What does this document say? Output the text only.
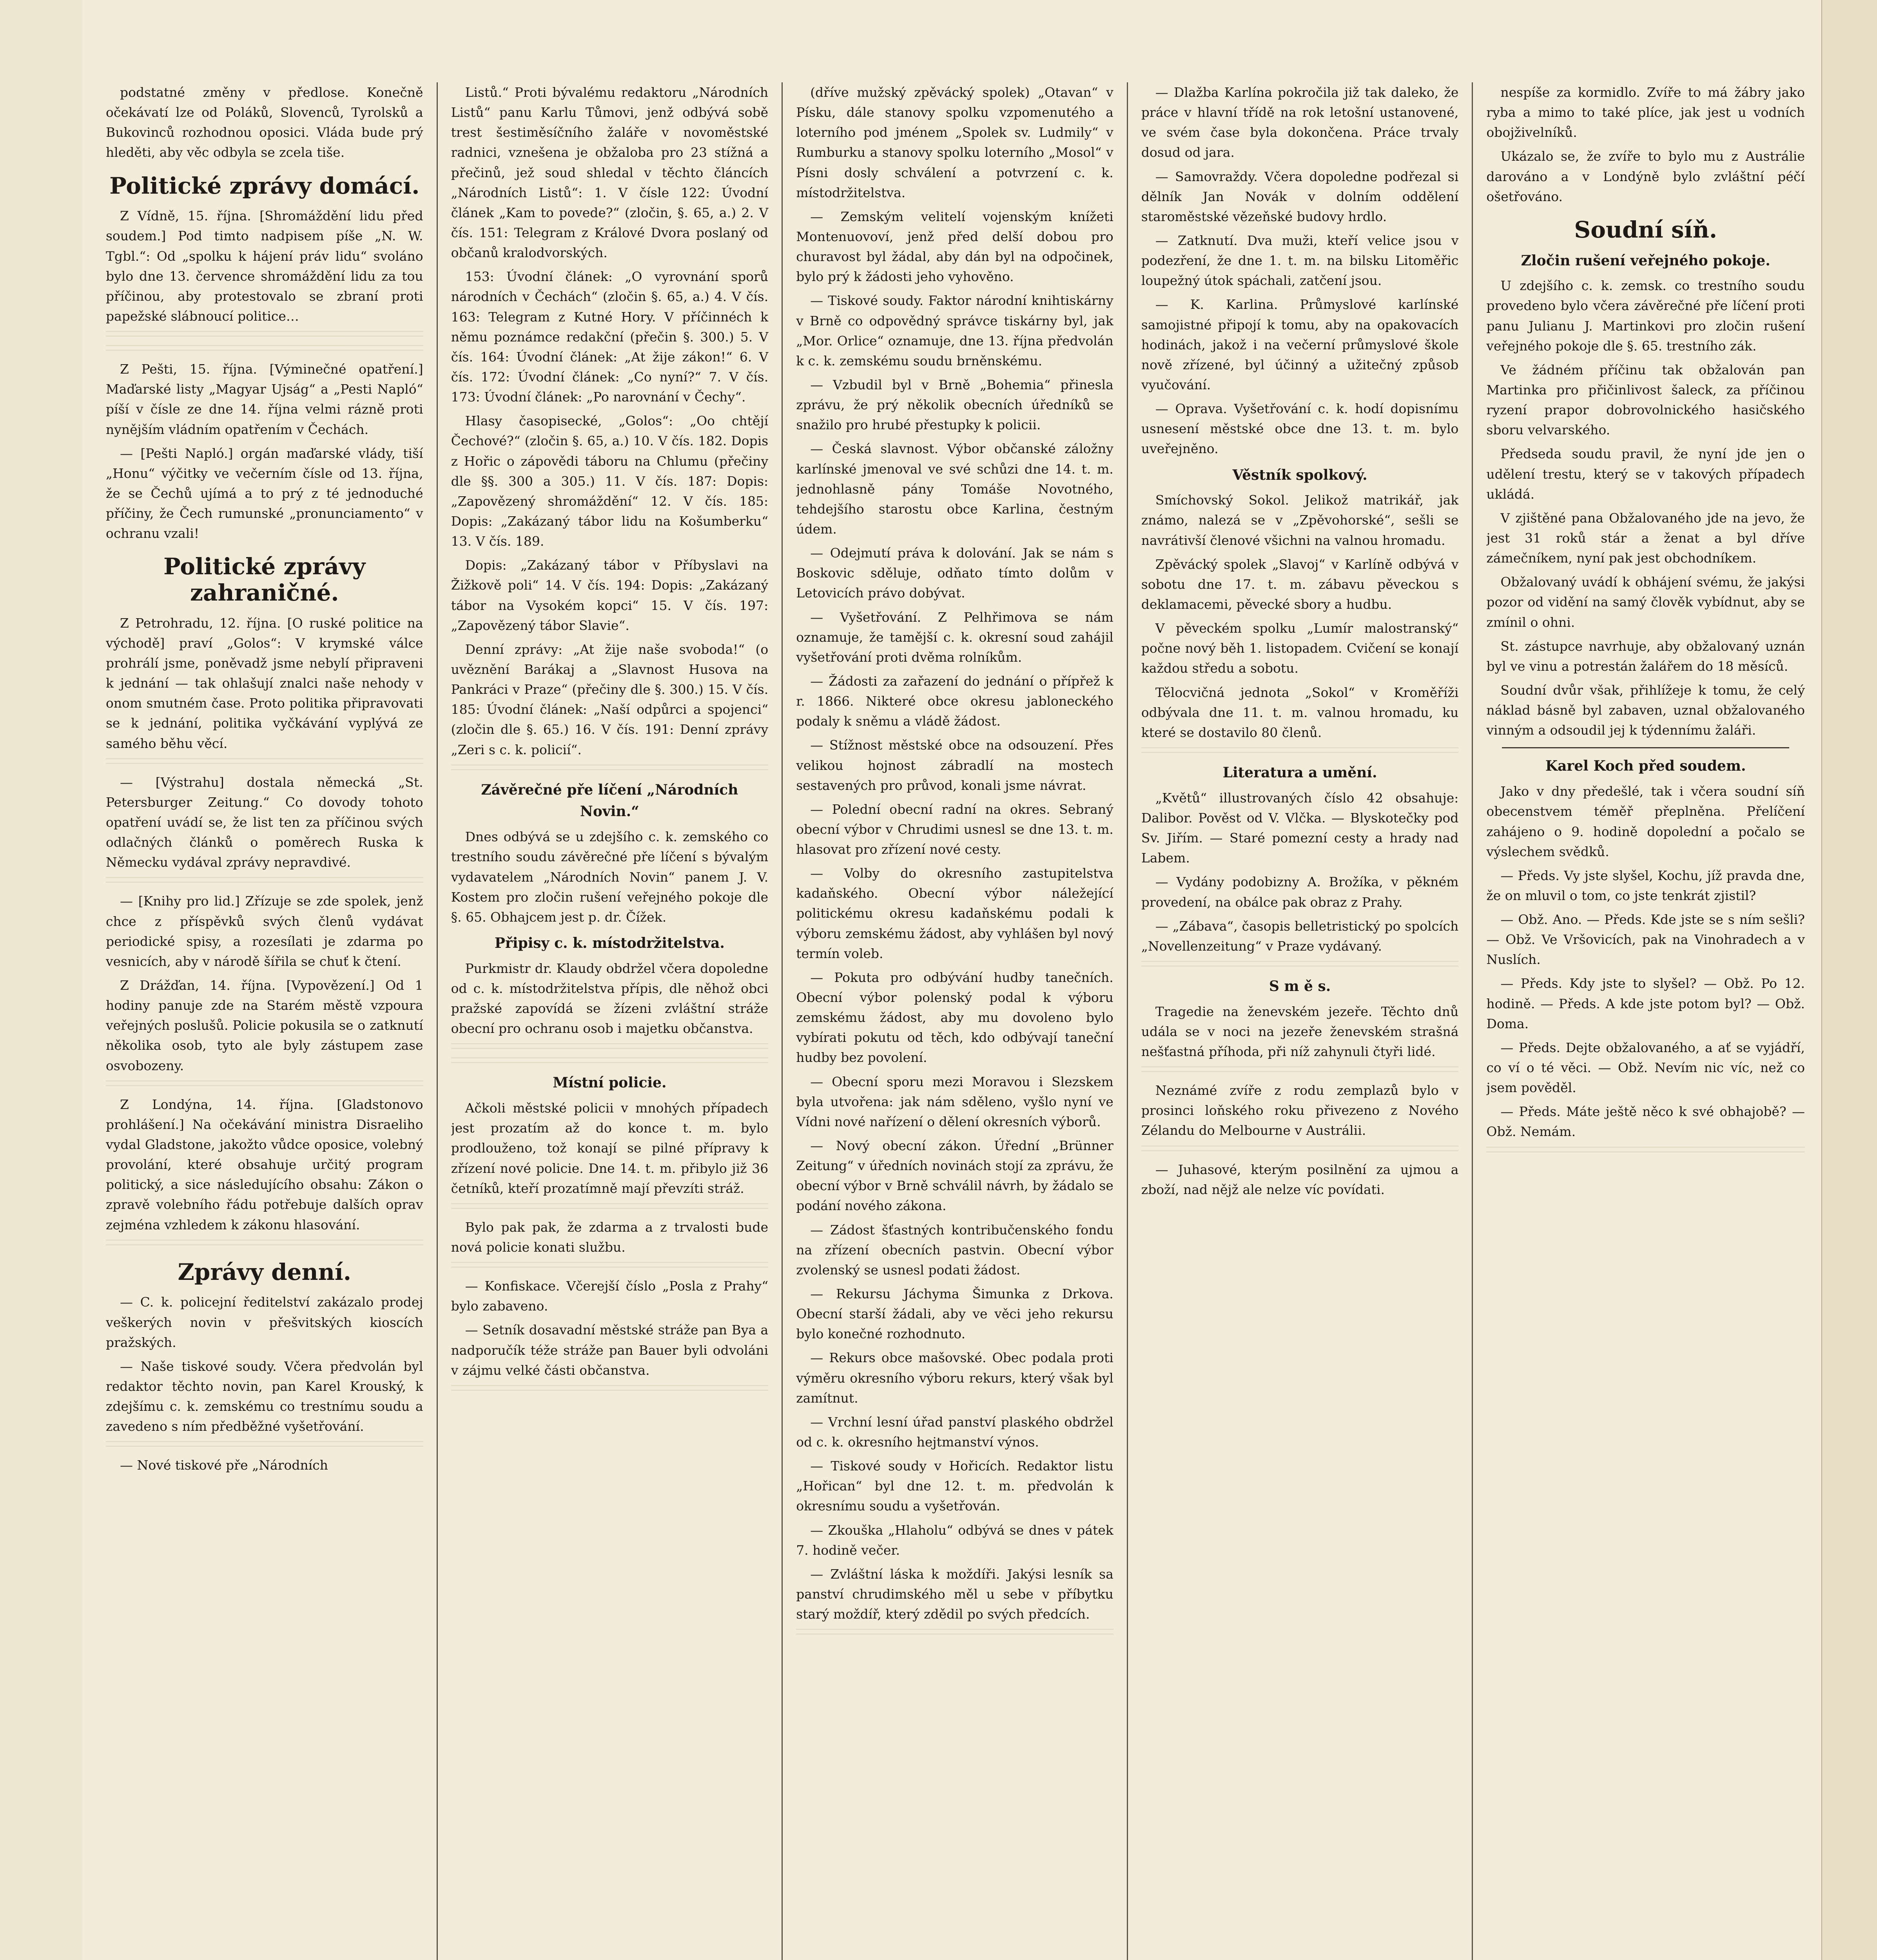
podstatné změny v předlose. Konečně očekávatí lze od Poláků, Slovenců, Tyrolsků a Bukovinců rozhodnou oposici. Vláda bude prý hleděti, aby věc odbyla se zcela tiše.

Politické zprávy domácí.

Z Vídně, 15. října. [Shromáždění lidu před soudem.] Pod timto nadpisem píše „N. W. Tgbl.“: Od „spolku k hájení práv lidu“ svoláno bylo dne 13. července shromáždění lidu za tou příčinou, aby protestovalo se zbraní proti papežské slábnoucí politice…

Z Pešti, 15. října. [Výminečné opatření.] Maďarské listy „Magyar Ujság“ a „Pesti Napló“ píší v čísle ze dne 14. října velmi rázně proti nynějším vládním opatřením v Čechách.

— [Pešti Napló.] orgán maďarské vlády, tiší „Honu“ výčitky ve večerním čísle od 13. října, že se Čechů ujímá a to prý z té jednoduché příčiny, že Čech rumunské „pronunciamento“ v ochranu vzali!

Politické zprávy zahraničné.

Z Petrohradu, 12. října. [O ruské politice na východě] praví „Golos“: V krymské válce prohrálí jsme, poněvadž jsme nebylí připraveni k jednání — tak ohlašují znalci naše nehody v onom smutném čase. Proto politika připravovati se k jednání, politika vyčkávání vyplývá ze samého běhu věcí.

— [Výstrahu] dostala německá „St. Petersburger Zeitung.“ Co dovody tohoto opatření uvádí se, že list ten za příčinou svých odlačných článků o poměrech Ruska k Německu vydával zprávy nepravdivé.

— [Knihy pro lid.] Zřízuje se zde spolek, jenž chce z příspěvků svých členů vydávat periodické spisy, a rozesílati je zdarma po vesnicích, aby v národě šířila se chuť k čtení.

Z Drážďan, 14. října. [Vypovězení.] Od 1 hodiny panuje zde na Starém městě vzpoura veřejných poslušů. Policie pokusila se o zatknutí několika osob, tyto ale byly zástupem zase osvobozeny.

Z Londýna, 14. října. [Gladstonovo prohlášení.] Na očekávání ministra Disraeliho vydal Gladstone, jakožto vůdce oposice, volebný provolání, které obsahuje určitý program politický, a sice následujícího obsahu: Zákon o zpravě volebního řádu potřebuje dalších oprav zejména vzhledem k zákonu hlasování.

Zprávy denní.

— C. k. policejní ředitelství zakázalo prodej veškerých novin v přešvitských kioscích pražských.

— Naše tiskové soudy. Včera předvolán byl redaktor těchto novin, pan Karel Krouský, k zdejšímu c. k. zemskému co trestnímu soudu a zavedeno s ním předběžné vyšetřování.

— Nové tiskové pře „Národních

Listů.“ Proti bývalému redaktoru „Národních Listů“ panu Karlu Tůmovi, jenž odbývá sobě trest šestiměsíčního žaláře v novoměstské radnici, vznešena je obžaloba pro 23 stížná a přečinů, jež soud shledal v těchto článcích „Národních Listů“: 1. V čísle 122: Úvodní článek „Kam to povede?“ (zločin, §. 65, a.) 2. V čís. 151: Telegram z Králové Dvora poslaný od občanů kralodvorských.

153: Úvodní článek: „O vyrovnání sporů národních v Čechách“ (zločin §. 65, a.) 4. V čís. 163: Telegram z Kutné Hory. V příčinnéch k němu poznámce redakční (přečin §. 300.) 5. V čís. 164: Úvodní článek: „At žije zákon!“ 6. V čís. 172: Úvodní článek: „Co nyní?“ 7. V čís. 173: Úvodní článek: „Po narovnání v Čechy“.

Hlasy časopisecké, „Golos“: „Oo chtějí Čechové?“ (zločin §. 65, a.) 10. V čís. 182. Dopis z Hořic o zápovědi táboru na Chlumu (přečiny dle §§. 300 a 305.) 11. V čís. 187: Dopis: „Zapovězený shromáždění“ 12. V čís. 185: Dopis: „Zakázaný tábor lidu na Košumberku“ 13. V čís. 189.

Dopis: „Zakázaný tábor v Příbyslavi na Žižkově poli“ 14. V čís. 194: Dopis: „Zakázaný tábor na Vysokém kopci“ 15. V čís. 197: „Zapovězený tábor Slavie“.

Denní zprávy: „At žije naše svoboda!“ (o uvěznění Barákaj a „Slavnost Husova na Pankráci v Praze“ (přečiny dle §. 300.) 15. V čís. 185: Úvodní článek: „Naší odpůrci a spojenci“ (zločin dle §. 65.) 16. V čís. 191: Denní zprávy „Zeri s c. k. policií“.

Závěrečné pře líčení „Národních Novin.“

Dnes odbývá se u zdejšího c. k. zemského co trestního soudu závěrečné pře líčení s bývalým vydavatelem „Národních Novin“ panem J. V. Kostem pro zločin rušení veřejného pokoje dle §. 65. Obhajcem jest p. dr. Čížek.

Připisy c. k. místodržitelstva.

Purkmistr dr. Klaudy obdržel včera dopoledne od c. k. místodržitelstva přípis, dle něhož obci pražské zapovídá se žízeni zvláštní stráže obecní pro ochranu osob i majetku občanstva.

Místní policie.

Ačkoli městské policii v mnohých případech jest prozatím až do konce t. m. bylo prodlouženo, tož konají se pilné přípravy k zřízení nové policie. Dne 14. t. m. přibylo již 36 četníků, kteří prozatímně mají převzíti stráž.

Bylo pak pak, že zdarma a z trvalosti bude nová policie konati službu.

— Konfiskace. Včerejší číslo „Posla z Prahy“ bylo zabaveno.

— Setník dosavadní městské stráže pan Bya a nadporučík téže stráže pan Bauer byli odvoláni v zájmu velké části občanstva.

(dříve mužský zpěvácký spolek) „Otavan“ v Písku, dále stanovy spolku vzpomenutého a loterního pod jménem „Spolek sv. Ludmily“ v Rumburku a stanovy spolku loterního „Mosol“ v Písni dosly schválení a potvrzení c. k. místodržitelstva.

— Zemským velitelí vojenským knížeti Montenuovoví, jenž před delší dobou pro churavost byl žádal, aby dán byl na odpočinek, bylo prý k žádosti jeho vyhověno.

— Tiskové soudy. Faktor národní knihtiskárny v Brně co odpovědný správce tiskárny byl, jak „Mor. Orlice“ oznamuje, dne 13. října předvolán k c. k. zemskému soudu brněnskému.

— Vzbudil byl v Brně „Bohemia“ přinesla zprávu, že prý několik obecních úředníků se snažilo pro hrubé přestupky k policii.

— Česká slavnost. Výbor občanské záložny karlínské jmenoval ve své schůzi dne 14. t. m. jednohlasně pány Tomáše Novotného, tehdejšího starostu obce Karlina, čestným údem.

— Odejmutí práva k dolování. Jak se nám s Boskovic sděluje, odňato tímto dolům v Letovicích právo dobývat.

— Vyšetřování. Z Pelhřimova se nám oznamuje, že tamější c. k. okresní soud zahájil vyšetřování proti dvěma rolníkům.

— Žádosti za zařazení do jednání o přípřež k r. 1866. Nikteré obce okresu jabloneckého podaly k sněmu a vládě žádost.

— Stížnost městské obce na odsouzení. Přes velikou hojnost zábradlí na mostech sestavených pro průvod, konali jsme návrat.

— Polední obecní radní na okres. Sebraný obecní výbor v Chrudimi usnesl se dne 13. t. m. hlasovat pro zřízení nové cesty.

— Volby do okresního zastupitelstva kadaňského. Obecní výbor náležející politickému okresu kadaňskému podali k výboru zemskému žádost, aby vyhlášen byl nový termín voleb.

— Pokuta pro odbývání hudby tanečních. Obecní výbor polenský podal k výboru zemskému žádost, aby mu dovoleno bylo vybírati pokutu od těch, kdo odbývají taneční hudby bez povolení.

— Obecní sporu mezi Moravou i Slezskem byla utvořena: jak nám sděleno, vyšlo nyní ve Vídni nové nařízení o dělení okresních výborů.

— Nový obecní zákon. Úřední „Brünner Zeitung“ v úředních novinách stojí za zprávu, že obecní výbor v Brně schválil návrh, by žádalo se podání nového zákona.

— Zádost šťastných kontribučenského fondu na zřízení obecních pastvin. Obecní výbor zvolenský se usnesl podati žádost.

— Rekursu Jáchyma Šimunka z Drkova. Obecní starší žádali, aby ve věci jeho rekursu bylo konečné rozhodnuto.

— Rekurs obce mašovské. Obec podala proti výměru okresního výboru rekurs, který však byl zamítnut.

— Vrchní lesní úřad panství plaského obdržel od c. k. okresního hejtmanství výnos.

— Tiskové soudy v Hořicích. Redaktor listu „Hořican“ byl dne 12. t. m. předvolán k okresnímu soudu a vyšetřován.

— Zkouška „Hlaholu“ odbývá se dnes v pátek 7. hodině večer.

— Zvláštní láska k moždíři. Jakýsi lesník sa panství chrudimského měl u sebe v příbytku starý moždíř, který zdědil po svých předcích.

— Dlažba Karlína pokročila již tak daleko, že práce v hlavní třídě na rok letošní ustanovené, ve svém čase byla dokončena. Práce trvaly dosud od jara.

— Samovraždy. Včera dopoledne podřezal si dělník Jan Novák v dolním oddělení staroměstské vězeňské budovy hrdlo.

— Zatknutí. Dva muži, kteří velice jsou v podezření, že dne 1. t. m. na bilsku Litoměřic loupežný útok spáchali, zatčení jsou.

— K. Karlina. Průmyslové karlínské samojistné připojí k tomu, aby na opakovacích hodinách, jakož i na večerní průmyslové škole nově zřízené, byl účinný a užitečný způsob vyučování.

— Oprava. Vyšetřování c. k. hodí dopisnímu usnesení městské obce dne 13. t. m. bylo uveřejněno.

Věstník spolkový.

Smíchovský Sokol. Jelikož matrikář, jak známo, nalezá se v „Zpěvohorské“, sešli se navrátivší členové všichni na valnou hromadu.

Zpěvácký spolek „Slavoj“ v Karlíně odbývá v sobotu dne 17. t. m. zábavu pěveckou s deklamacemi, pěvecké sbory a hudbu.

V pěveckém spolku „Lumír malostranský“ počne nový běh 1. listopadem. Cvičení se konají každou středu a sobotu.

Tělocvičná jednota „Sokol“ v Kroměříži odbývala dne 11. t. m. valnou hromadu, ku které se dostavilo 80 členů.

Literatura a umění.

„Květů“ illustrovaných číslo 42 obsahuje: Dalibor. Pověst od V. Vlčka. — Blyskotečky pod Sv. Jiřím. — Staré pomezní cesty a hrady nad Labem.

— Vydány podobizny A. Brožíka, v pěkném provedení, na obálce pak obraz z Prahy.

— „Zábava“, časopis belletristický po spolcích „Novellenzeitung“ v Praze vydávaný.

S m ě s.

Tragedie na ženevském jezeře. Těchto dnů udála se v noci na jezeře ženevském strašná nešťastná příhoda, při níž zahynuli čtyři lidé.

Neznámé zvíře z rodu zemplazů bylo v prosinci loňského roku přivezeno z Nového Zélandu do Melbourne v Austrálii.

— Juhasové, kterým posilnění za ujmou a zboží, nad nějž ale nelze víc povídati.

nespíše za kormidlo. Zvíře to má žábry jako ryba a mimo to také plíce, jak jest u vodních obojživelníků.

Ukázalo se, že zvíře to bylo mu z Austrálie darováno a v Londýně bylo zvláštní péčí ošetřováno.

Soudní síň.
Zločin rušení veřejného pokoje.

U zdejšího c. k. zemsk. co trestního soudu provedeno bylo včera závěrečné pře líčení proti panu Julianu J. Martinkovi pro zločin rušení veřejného pokoje dle §. 65. trestního zák.

Ve žádném příčinu tak obžalován pan Martinka pro přičinlivost šaleck, za příčinou ryzení prapor dobrovolnického hasičského sboru velvarského.

Předseda soudu pravil, že nyní jde jen o udělení trestu, který se v takových případech ukládá.

V zjištěné pana Obžalovaného jde na jevo, že jest 31 roků stár a ženat a byl dříve zámečníkem, nyní pak jest obchodníkem.

Obžalovaný uvádí k obhájení svému, že jakýsi pozor od vidění na samý člověk vybídnut, aby se zmínil o ohni.

St. zástupce navrhuje, aby obžalovaný uznán byl ve vinu a potrestán žalářem do 18 měsíců.

Soudní dvůr však, přihlížeje k tomu, že celý náklad básně byl zabaven, uznal obžalovaného vinným a odsoudil jej k týdennímu žaláři.

Karel Koch před soudem.

Jako v dny předešlé, tak i včera soudní síň obecenstvem téměř přeplněna. Přelíčení zahájeno o 9. hodině dopolední a počalo se výslechem svědků.

— Předs. Vy jste slyšel, Kochu, jíž pravda dne, že on mluvil o tom, co jste tenkrát zjistil?

— Obž. Ano. — Předs. Kde jste se s ním sešli? — Obž. Ve Vršovicích, pak na Vinohradech a v Nuslích.

— Předs. Kdy jste to slyšel? — Obž. Po 12. hodině. — Předs. A kde jste potom byl? — Obž. Doma.

— Předs. Dejte obžalovaného, a ať se vyjádří, co ví o té věci. — Obž. Nevím nic víc, než co jsem pověděl.

— Předs. Máte ještě něco k své obhajobě? — Obž. Nemám.
